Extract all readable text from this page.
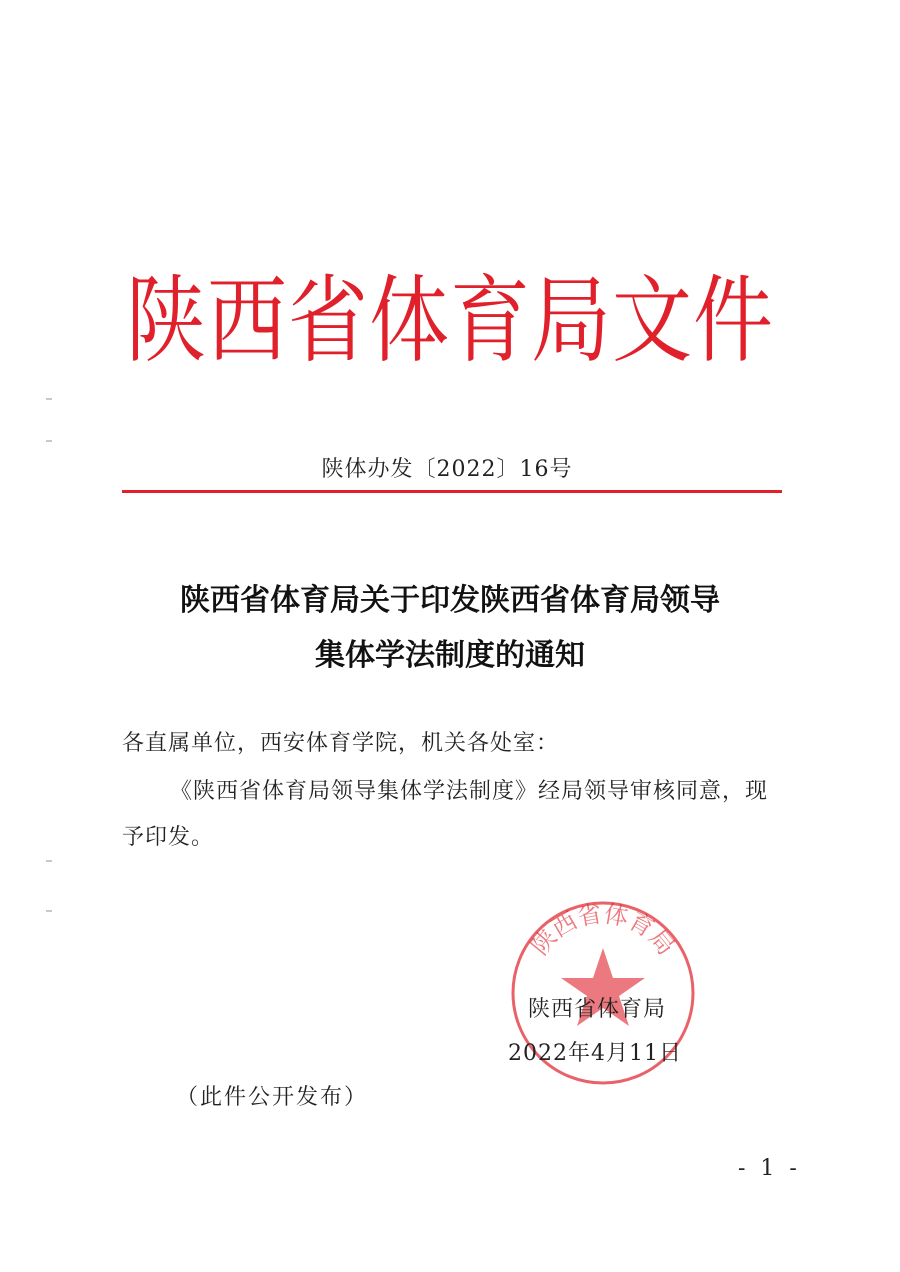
陕西省体育局文件
陕体办发〔2022〕16号
陕西省体育局关于印发陕西省体育局领导
集体学法制度的通知
各直属单位，西安体育学院，机关各处室：
《陕西省体育局领导集体学法制度》经局领导审核同意，现
予印发。
陕西省体育局
陕西省体育局
2022年4月11日
（此件公开发布）
- 1 -
